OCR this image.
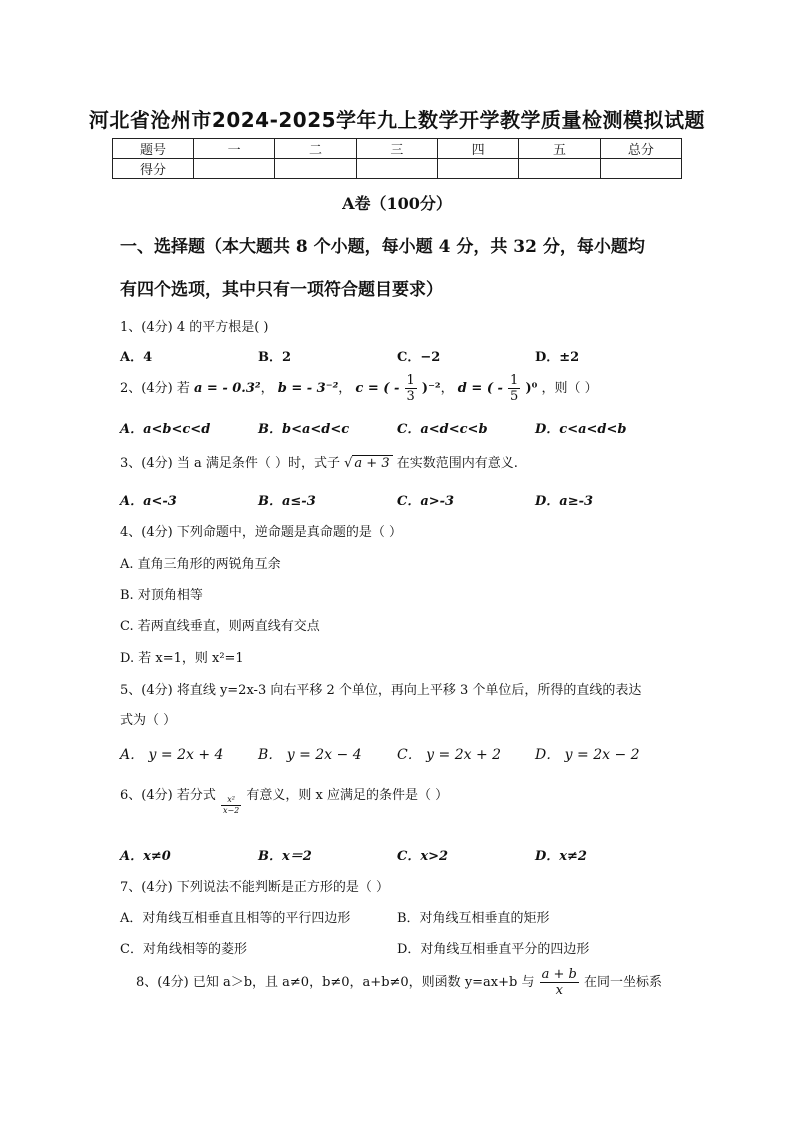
河北省沧州市2024-2025学年九上数学开学教学质量检测模拟试题
题号	一	二	三	四	五	总分
得分						
A卷（100分）
一、选择题（本大题共 8 个小题，每小题 4 分，共 32 分，每小题均
有四个选项，其中只有一项符合题目要求）
1、(4分) 4 的平方根是( )
A．4	B．2	C．−2	D．±2
2、(4分) 若 a = - 0.3²， b = - 3⁻²， c = ( - $\frac{1}{3} )^{-2}$， d = ( - $\frac{1}{5} )^0$ ，则（ ）
A．a<b<c<d	B．b<a<d<c	C．a<d<c<b	D．c<a<d<b
3、(4分) 当 a 满足条件（ ）时，式子 √ a + 3 在实数范围内有意义.
A．a<-3	B．a≤-3	C．a>-3	D．a≥-3
4、(4分) 下列命题中，逆命题是真命题的是（ ）
A. 直角三角形的两锐角互余
B. 对顶角相等
C. 若两直线垂直，则两直线有交点
D. 若 x=1，则 x²=1
5、(4分) 将直线 y=2x-3 向右平移 2 个单位，再向上平移 3 个单位后，所得的直线的表达
式为（ ）
A． y = 2x + 4 B． y = 2x − 4	C． y = 2x + 2 D． y = 2x − 2
6、(4分) 若分式
$\frac{\text{x²}}{x-2}$
有意义，则 x 应满足的条件是（ ）
A．x≠0	B．x＝2	C．x>2	D．x≠2
7、(4分) 下列说法不能判断是正方形的是（ ）
A．对角线互相垂直且相等的平行四边形	B．对角线互相垂直的矩形
C．对角线相等的菱形	D．对角线互相垂直平分的四边形
8、(4分) 已知 a＞b，且 a≠0，b≠0，a+b≠0，则函数 y=ax+b 与 $\frac{a + b}{x}$ 在同一坐标系
